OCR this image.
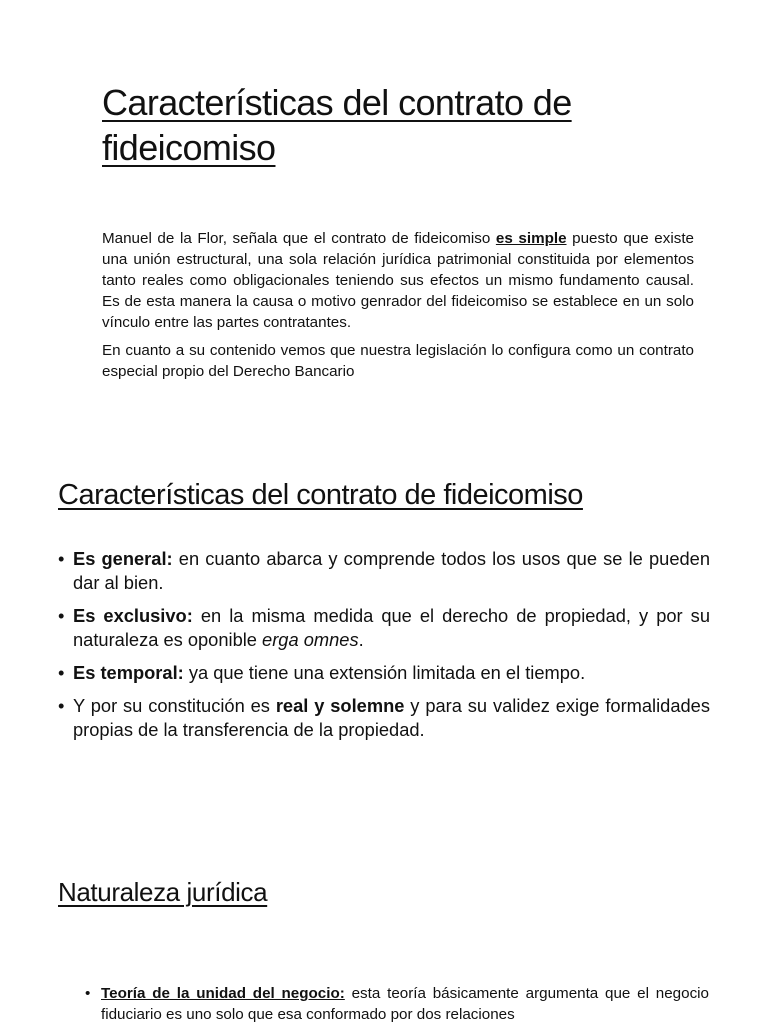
Características del contrato de fideicomiso

Manuel de la Flor, señala que el contrato de fideicomiso es simple puesto que existe una unión estructural, una sola relación jurídica patrimonial constituida por elementos tanto reales como obligacionales teniendo sus efectos un mismo fundamento causal. Es de esta manera la causa o motivo genrador del fideicomiso se establece en un solo vínculo entre las partes contratantes.

En cuanto a su contenido vemos que nuestra legislación lo configura como un contrato especial propio del Derecho Bancario

Características del contrato de fideicomiso
• Es general: en cuanto abarca y comprende todos los usos que se le pueden dar al bien.
• Es exclusivo: en la misma medida que el derecho de propiedad, y por su naturaleza es oponible erga omnes.
• Es temporal: ya que tiene una extensión limitada en el tiempo.
• Y por su constitución es real y solemne y para su validez exige formalidades propias de la transferencia de la propiedad.
Naturaleza jurídica
• Teoría de la unidad del negocio: esta teoría básicamente argumenta que el negocio fiduciario es uno solo que esa conformado por dos relaciones
